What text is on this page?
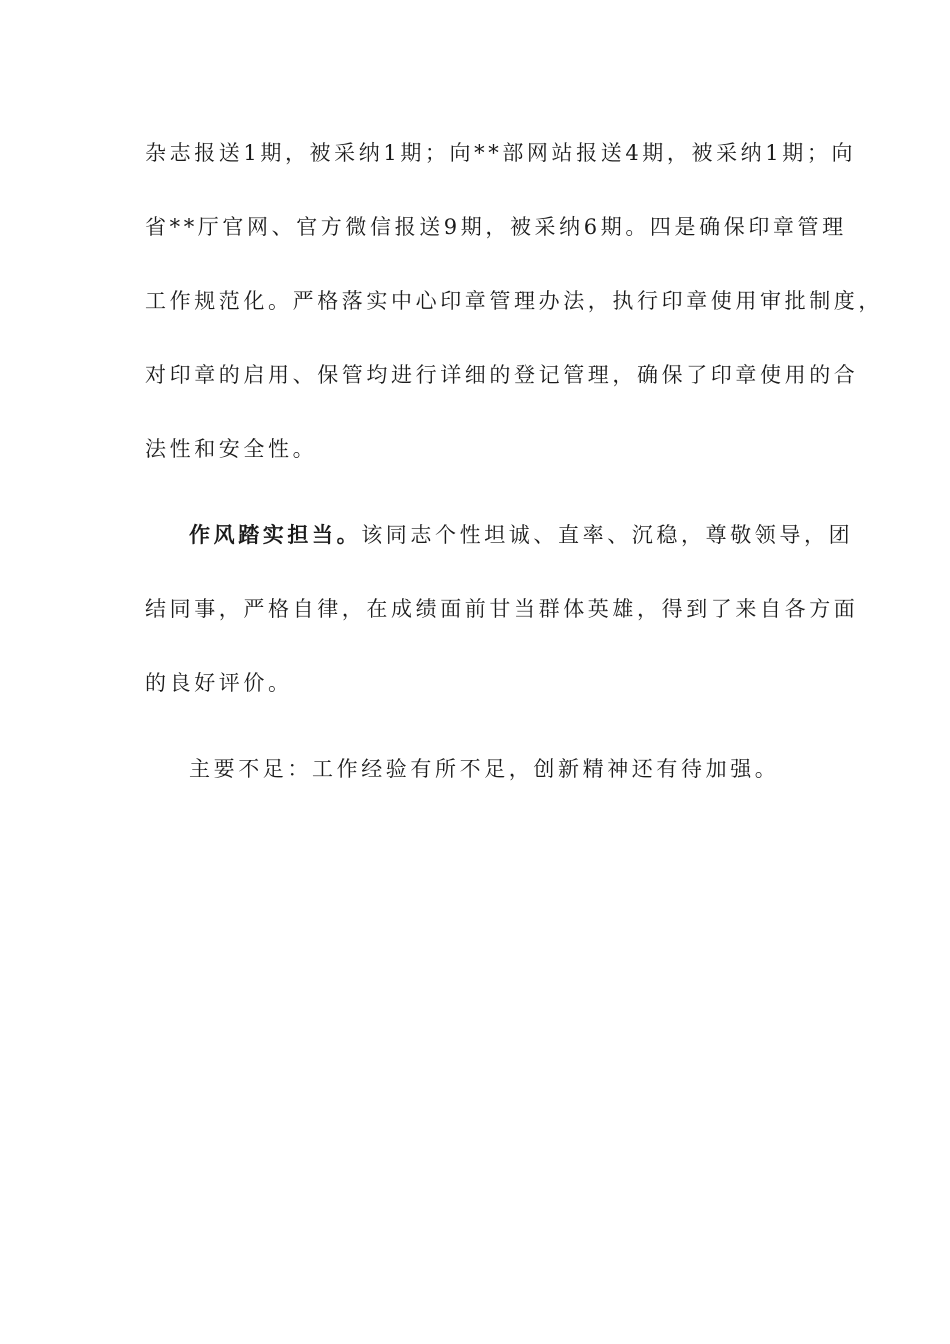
杂志报送1期，被采纳1期；向**部网站报送4期，被采纳1期；向
省**厅官网、官方微信报送9期，被采纳6期。四是确保印章管理
工作规范化。严格落实中心印章管理办法，执行印章使用审批制度，
对印章的启用、保管均进行详细的登记管理，确保了印章使用的合
法性和安全性。
作风踏实担当。该同志个性坦诚、直率、沉稳，尊敬领导，团
结同事，严格自律，在成绩面前甘当群体英雄，得到了来自各方面
的良好评价。
主要不足：工作经验有所不足，创新精神还有待加强。
